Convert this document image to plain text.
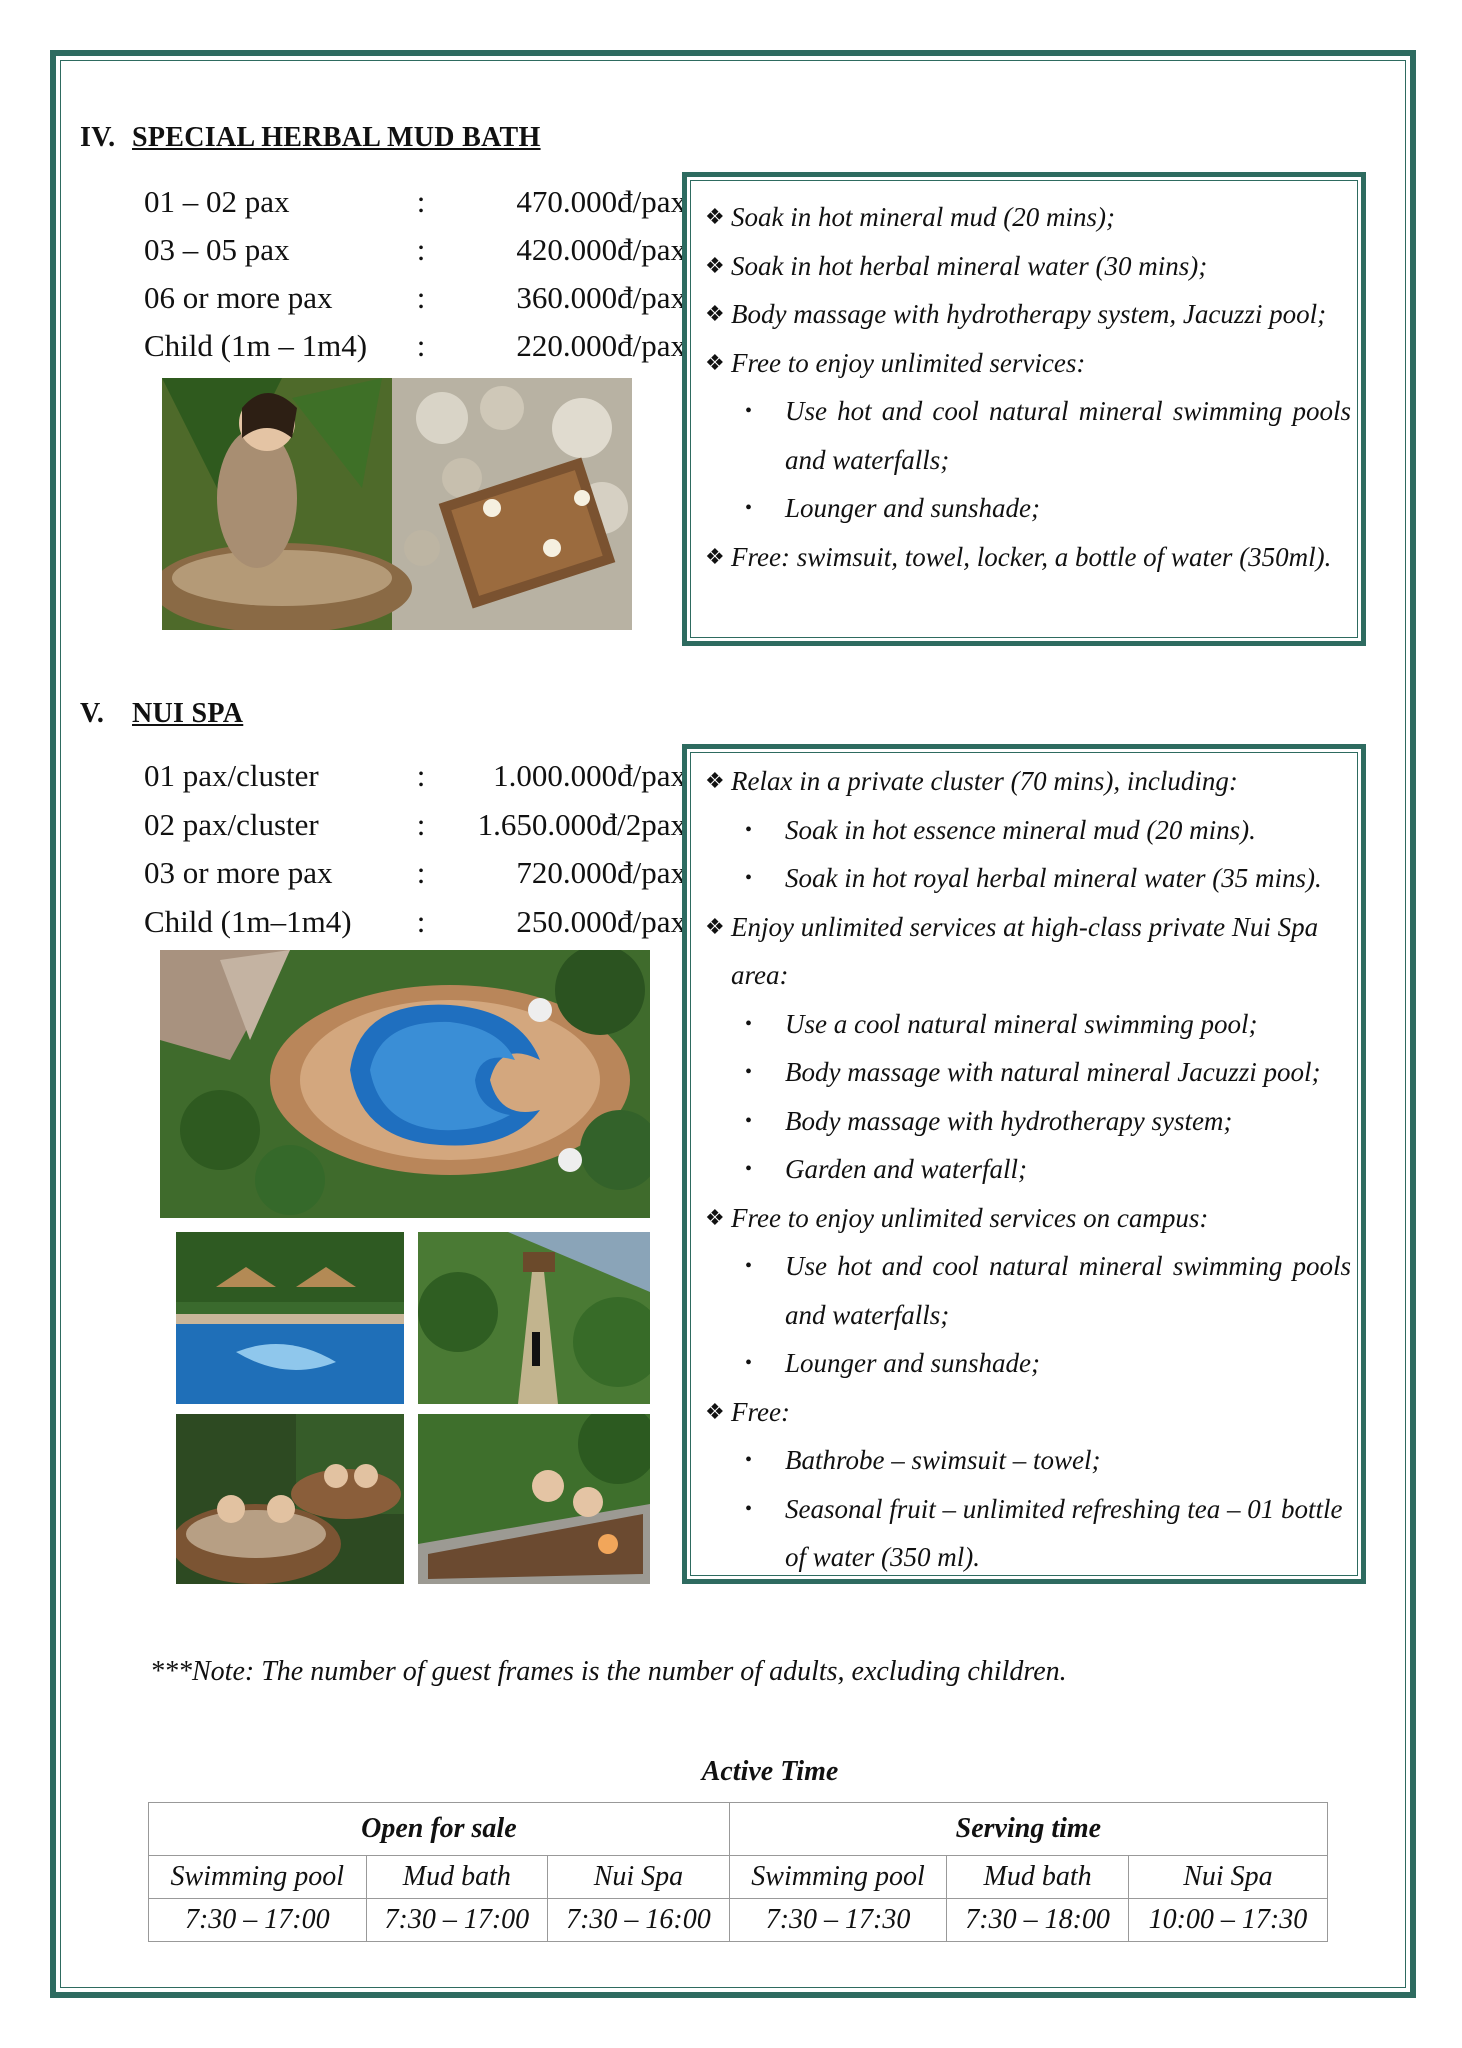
IV. SPECIAL HERBAL MUD BATH
01 – 02 pax	:	470.000đ/pax
03 – 05 pax	:	420.000đ/pax
06 or more pax	:	360.000đ/pax
Child (1m – 1m4)	:	220.000đ/pax
❖ Soak in hot mineral mud (20 mins);
❖ Soak in hot herbal mineral water (30 mins);
❖ Body massage with hydrotherapy system, Jacuzzi pool;
❖ Free to enjoy unlimited services:
• Use hot and cool natural mineral swimming pools and waterfalls;
• Lounger and sunshade;
❖ Free: swimsuit, towel, locker, a bottle of water (350ml).
V. NUI SPA
01 pax/cluster	:	1.000.000đ/pax
02 pax/cluster	:	1.650.000đ/2pax
03 or more pax	:	720.000đ/pax
Child (1m–1m4)	:	250.000đ/pax
❖ Relax in a private cluster (70 mins), including:
• Soak in hot essence mineral mud (20 mins).
• Soak in hot royal herbal mineral water (35 mins).
❖ Enjoy unlimited services at high-class private Nui Spa area:
• Use a cool natural mineral swimming pool;
• Body massage with natural mineral Jacuzzi pool;
• Body massage with hydrotherapy system;
• Garden and waterfall;
❖ Free to enjoy unlimited services on campus:
• Use hot and cool natural mineral swimming pools and waterfalls;
• Lounger and sunshade;
❖ Free:
• Bathrobe – swimsuit – towel;
• Seasonal fruit – unlimited refreshing tea – 01 bottle of water (350 ml).
***Note: The number of guest frames is the number of adults, excluding children.
Active Time
Open for sale			Serving time		
Swimming pool	Mud bath	Nui Spa	Swimming pool	Mud bath	Nui Spa
7:30 – 17:00	7:30 – 17:00	7:30 – 16:00	7:30 – 17:30	7:30 – 18:00	10:00 – 17:30
